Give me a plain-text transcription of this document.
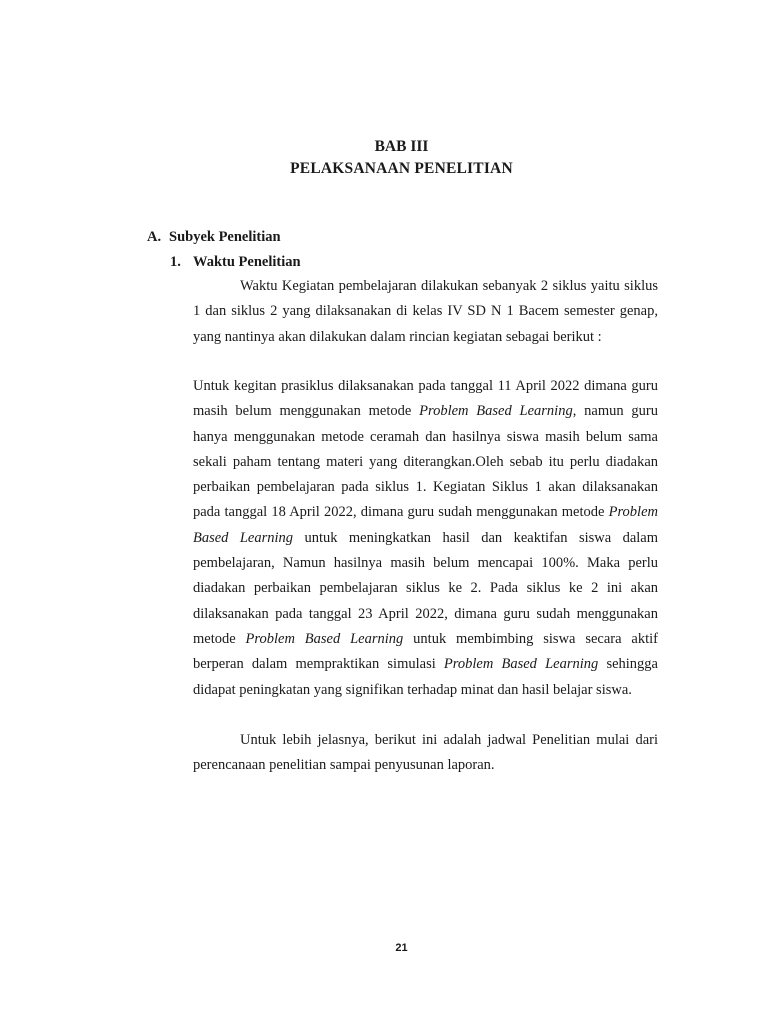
BAB III
PELAKSANAAN PENELITIAN
A. Subyek Penelitian
1. Waktu Penelitian

Waktu Kegiatan pembelajaran dilakukan sebanyak 2 siklus yaitu siklus 1 dan siklus 2 yang dilaksanakan di kelas IV SD N 1 Bacem semester genap, yang nantinya akan dilakukan dalam rincian kegiatan sebagai berikut :

Untuk kegitan prasiklus dilaksanakan pada tanggal 11 April 2022 dimana guru masih belum menggunakan metode Problem Based Learning, namun guru hanya menggunakan metode ceramah dan hasilnya siswa masih belum sama sekali paham tentang materi yang diterangkan.Oleh sebab itu perlu diadakan perbaikan pembelajaran pada siklus 1. Kegiatan Siklus 1 akan dilaksanakan pada tanggal 18 April 2022, dimana guru sudah menggunakan metode Problem Based Learning untuk meningkatkan hasil dan keaktifan siswa dalam pembelajaran, Namun hasilnya masih belum mencapai 100%. Maka perlu diadakan perbaikan pembelajaran siklus ke 2. Pada siklus ke 2 ini akan dilaksanakan pada tanggal 23 April 2022, dimana guru sudah menggunakan metode Problem Based Learning untuk membimbing siswa secara aktif berperan dalam mempraktikan simulasi Problem Based Learning sehingga didapat peningkatan yang signifikan terhadap minat dan hasil belajar siswa.

Untuk lebih jelasnya, berikut ini adalah jadwal Penelitian mulai dari perencanaan penelitian sampai penyusunan laporan.

21
